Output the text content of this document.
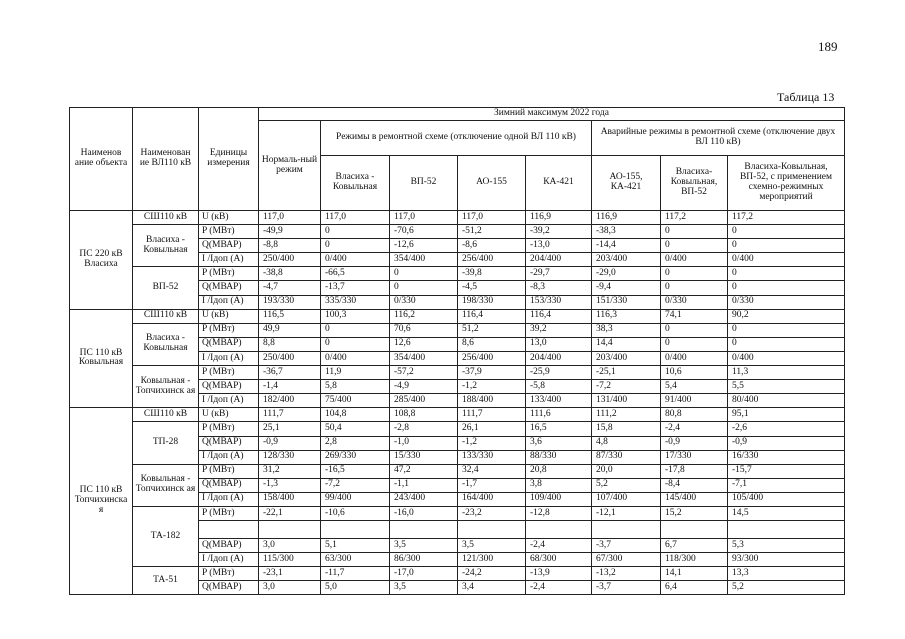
189
Таблица 13
Наименов ание объекта	Наименован ие ВЛ110 кВ	Единицы измерения	Зимний максимум 2022 года							
			Нормаль-ный режим	Режимы в ремонтной схеме (отключение одной ВЛ 110 кВ)				Аварийные режимы в ремонтной схеме (отключение двух ВЛ 110 кВ)		
				Власиха - Ковыльная	ВП-52	АО-155	КА-421	АО-155, КА-421	Власиха-Ковыльная, ВП-52	Власиха-Ковыльная, ВП-52, с применением схемно-режимных мероприятий
ПС 220 кВ Власиха	СШ110 кВ	U (кВ)	117,0	117,0	117,0	117,0	116,9	116,9	117,2	117,2
	Власиха - Ковыльная	P (МВт)	-49,9	0	-70,6	-51,2	-39,2	-38,3	0	0
		Q(МВАР)	-8,8	0	-12,6	-8,6	-13,0	-14,4	0	0
		I /Iдоп (А)	250/400	0/400	354/400	256/400	204/400	203/400	0/400	0/400
	ВП-52	P (МВт)	-38,8	-66,5	0	-39,8	-29,7	-29,0	0	0
		Q(МВАР)	-4,7	-13,7	0	-4,5	-8,3	-9,4	0	0
		I /Iдоп (А)	193/330	335/330	0/330	198/330	153/330	151/330	0/330	0/330
ПС 110 кВ Ковыльная	СШ110 кВ	U (кВ)	116,5	100,3	116,2	116,4	116,4	116,3	74,1	90,2
	Власиха - Ковыльная	P (МВт)	49,9	0	70,6	51,2	39,2	38,3	0	0
		Q(МВАР)	8,8	0	12,6	8,6	13,0	14,4	0	0
		I /Iдоп (А)	250/400	0/400	354/400	256/400	204/400	203/400	0/400	0/400
	Ковыльная - Топчихинск ая	P (МВт)	-36,7	11,9	-57,2	-37,9	-25,9	-25,1	10,6	11,3
		Q(МВАР)	-1,4	5,8	-4,9	-1,2	-5,8	-7,2	5,4	5,5
		I /Iдоп (А)	182/400	75/400	285/400	188/400	133/400	131/400	91/400	80/400
ПС 110 кВ Топчихинска я	СШ110 кВ	U (кВ)	111,7	104,8	108,8	111,7	111,6	111,2	80,8	95,1
	ТП-28	P (МВт)	25,1	50,4	-2,8	26,1	16,5	15,8	-2,4	-2,6
		Q(МВАР)	-0,9	2,8	-1,0	-1,2	3,6	4,8	-0,9	-0,9
		I /Iдоп (А)	128/330	269/330	15/330	133/330	88/330	87/330	17/330	16/330
	Ковыльная - Топчихинск ая	P (МВт)	31,2	-16,5	47,2	32,4	20,8	20,0	-17,8	-15,7
		Q(МВАР)	-1,3	-7,2	-1,1	-1,7	3,8	5,2	-8,4	-7,1
		I /Iдоп (А)	158/400	99/400	243/400	164/400	109/400	107/400	145/400	105/400
	ТА-182	P (МВт)	-22,1	-10,6	-16,0	-23,2	-12,8	-12,1	15,2	14,5

		Q(МВАР)	3,0	5,1	3,5	3,5	-2,4	-3,7	6,7	5,3
		I /Iдоп (А)	115/300	63/300	86/300	121/300	68/300	67/300	118/300	93/300
	ТА-51	P (МВт)	-23,1	-11,7	-17,0	-24,2	-13,9	-13,2	14,1	13,3
		Q(МВАР)	3,0	5,0	3,5	3,4	-2,4	-3,7	6,4	5,2
